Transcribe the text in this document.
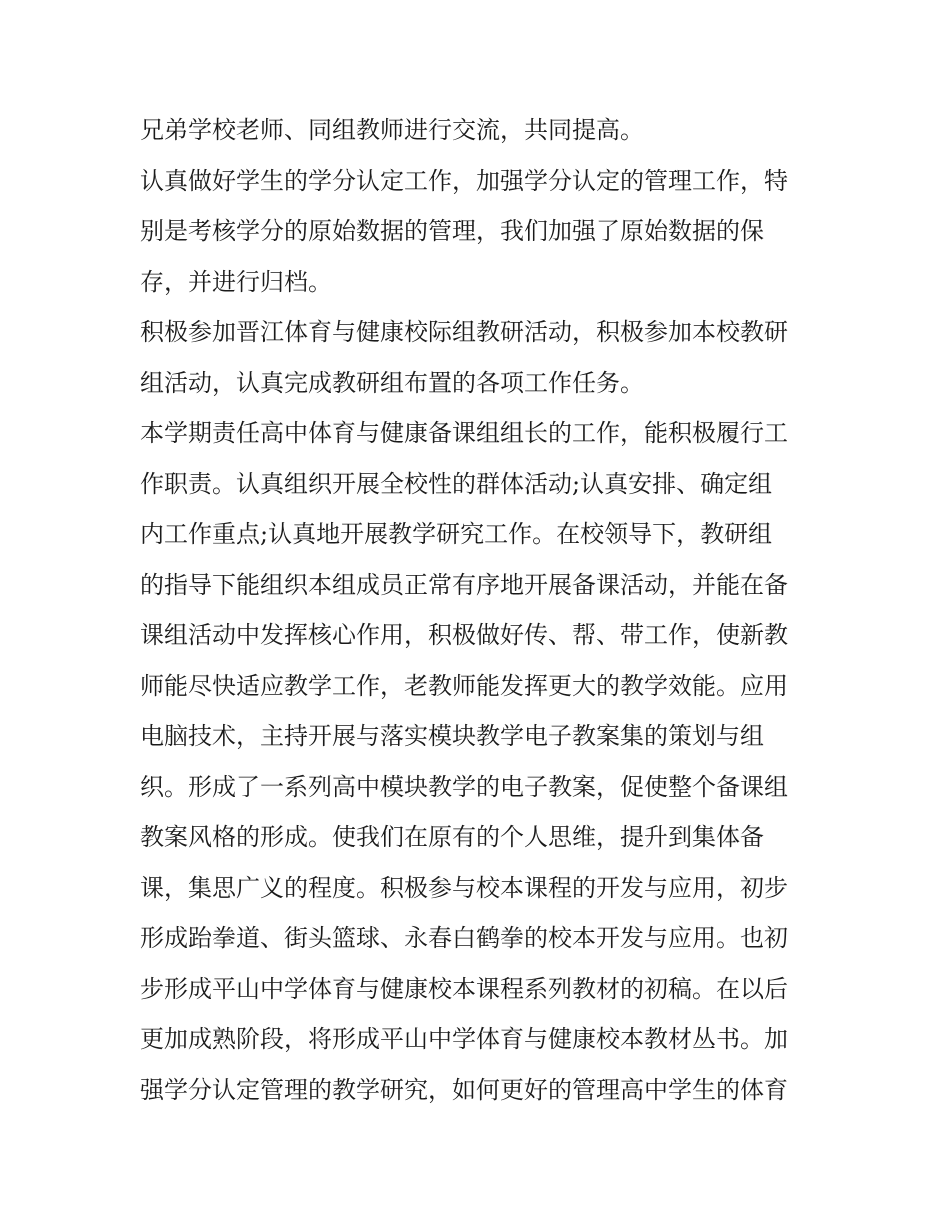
兄弟学校老师、同组教师进行交流，共同提高。
认真做好学生的学分认定工作，加强学分认定的管理工作，特
别是考核学分的原始数据的管理，我们加强了原始数据的保
存，并进行归档。
积极参加晋江体育与健康校际组教研活动，积极参加本校教研
组活动，认真完成教研组布置的各项工作任务。
本学期责任高中体育与健康备课组组长的工作，能积极履行工
作职责。认真组织开展全校性的群体活动;认真安排、确定组
内工作重点;认真地开展教学研究工作。在校领导下，教研组
的指导下能组织本组成员正常有序地开展备课活动，并能在备
课组活动中发挥核心作用，积极做好传、帮、带工作，使新教
师能尽快适应教学工作，老教师能发挥更大的教学效能。应用
电脑技术，主持开展与落实模块教学电子教案集的策划与组
织。形成了一系列高中模块教学的电子教案，促使整个备课组
教案风格的形成。使我们在原有的个人思维，提升到集体备
课，集思广义的程度。积极参与校本课程的开发与应用，初步
形成跆拳道、街头篮球、永春白鹤拳的校本开发与应用。也初
步形成平山中学体育与健康校本课程系列教材的初稿。在以后
更加成熟阶段，将形成平山中学体育与健康校本教材丛书。加
强学分认定管理的教学研究，如何更好的管理高中学生的体育
